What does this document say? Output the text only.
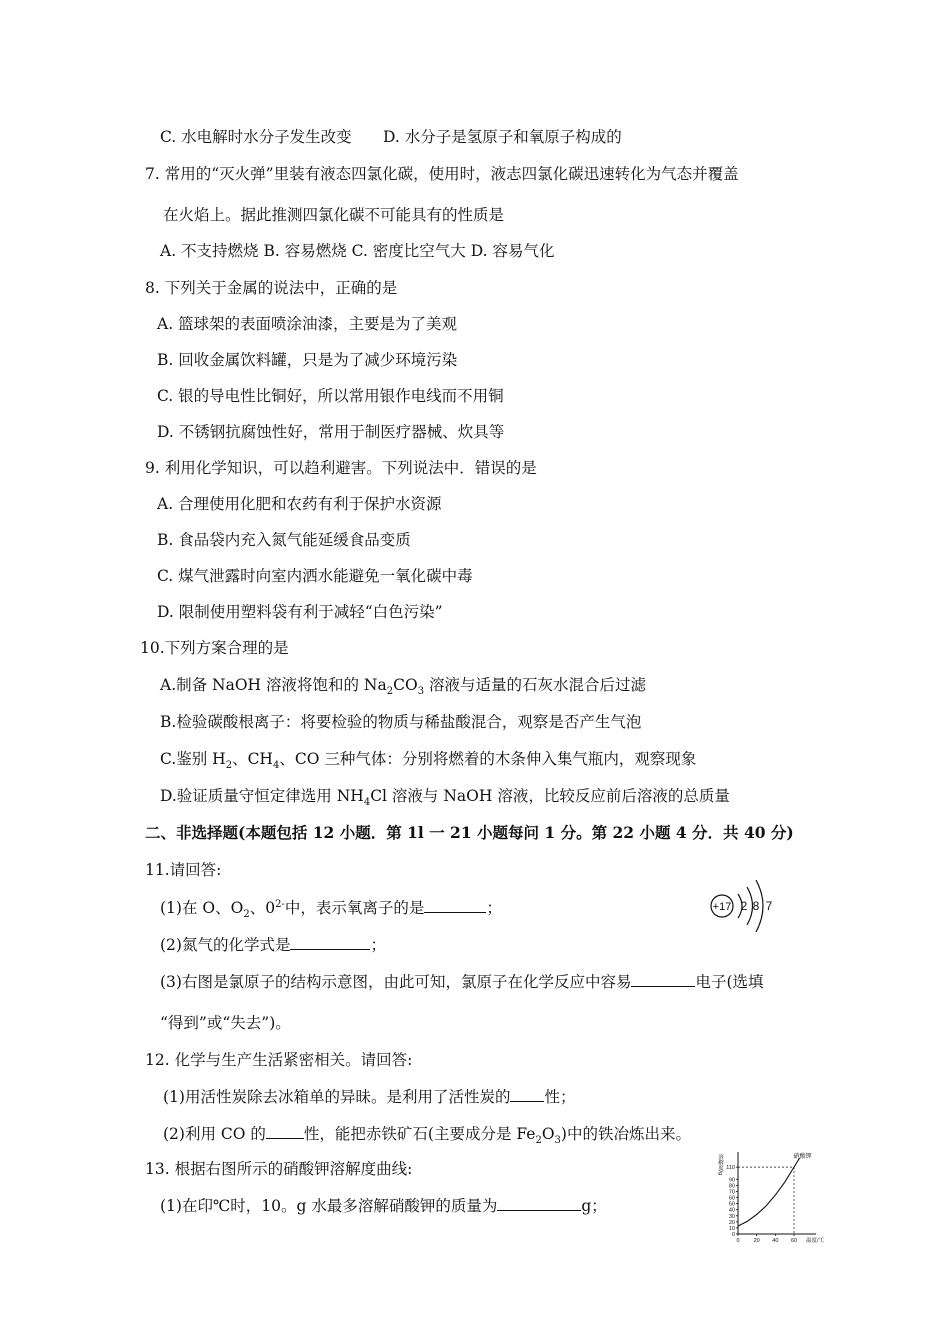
C. 水电解时水分子发生改变 D. 水分子是氢原子和氧原子构成的
7. 常用的“灭火弹”里装有液态四氯化碳，使用时，液志四氯化碳迅速转化为气态并覆盖
在火焰上。据此推测四氯化碳不可能具有的性质是
A. 不支持燃烧 B. 容易燃烧 C. 密度比空气大 D. 容易气化
8. 下列关于金属的说法中，正确的是
A. 篮球架的表面喷涂油漆，主要是为了美观
B. 回收金属饮料罐，只是为了减少环境污染
C. 银的导电性比铜好，所以常用银作电线而不用铜
D. 不锈钢抗腐蚀性好，常用于制医疗器械、炊具等
9. 利用化学知识，可以趋利避害。下列说法中．错误的是
A. 合理使用化肥和农药有利于保护水资源
B. 食品袋内充入氮气能延缓食品变质
C. 煤气泄露时向室内洒水能避免一氧化碳中毒
D. 限制使用塑料袋有利于减轻“白色污染”
10.下列方案合理的是
A.制备 NaOH 溶液将饱和的 $Na_2CO_3$ 溶液与适量的石灰水混合后过滤
B.检验碳酸根离子：将要检验的物质与稀盐酸混合，观察是否产生气泡
C.鉴别 $H_2$、$CH_4$、CO 三种气体：分别将燃着的木条伸入集气瓶内，观察现象
D.验证质量守恒定律选用 $NH_4Cl$ 溶液与 NaOH 溶液，比较反应前后溶液的总质量
二、非选择题(本题包括 12 小题．第 1l 一 21 小题每问 1 分。第 22 小题 4 分．共 40 分)
11.请回答:
(1)在 O、$O_2$、$0^{2-}$中，表示氧离子的是	；
(2)氮气的化学式是	；
(3)右图是氯原子的结构示意图，由此可知，氯原子在化学反应中容易	电子(选填
“得到”或“失去”)。
+17 2 8 7
12. 化学与生产生活紧密相关。请回答:
(1)用活性炭除去冰箱单的异昧。是利用了活性炭的 性；
(2)利用 CO 的 性，能把赤铁矿石(主要成分是 $Fe_2O_3$)中的铁冶炼出来。
13. 根据右图所示的硝酸钾溶解度曲线:
(1)在印℃时，10。g 水最多溶解硝酸钾的质量为	g；
0
10
20
30
40
50
60
70
80
90
110
0	20 40 60 温度/℃
溶解度/g	硝酸钾
